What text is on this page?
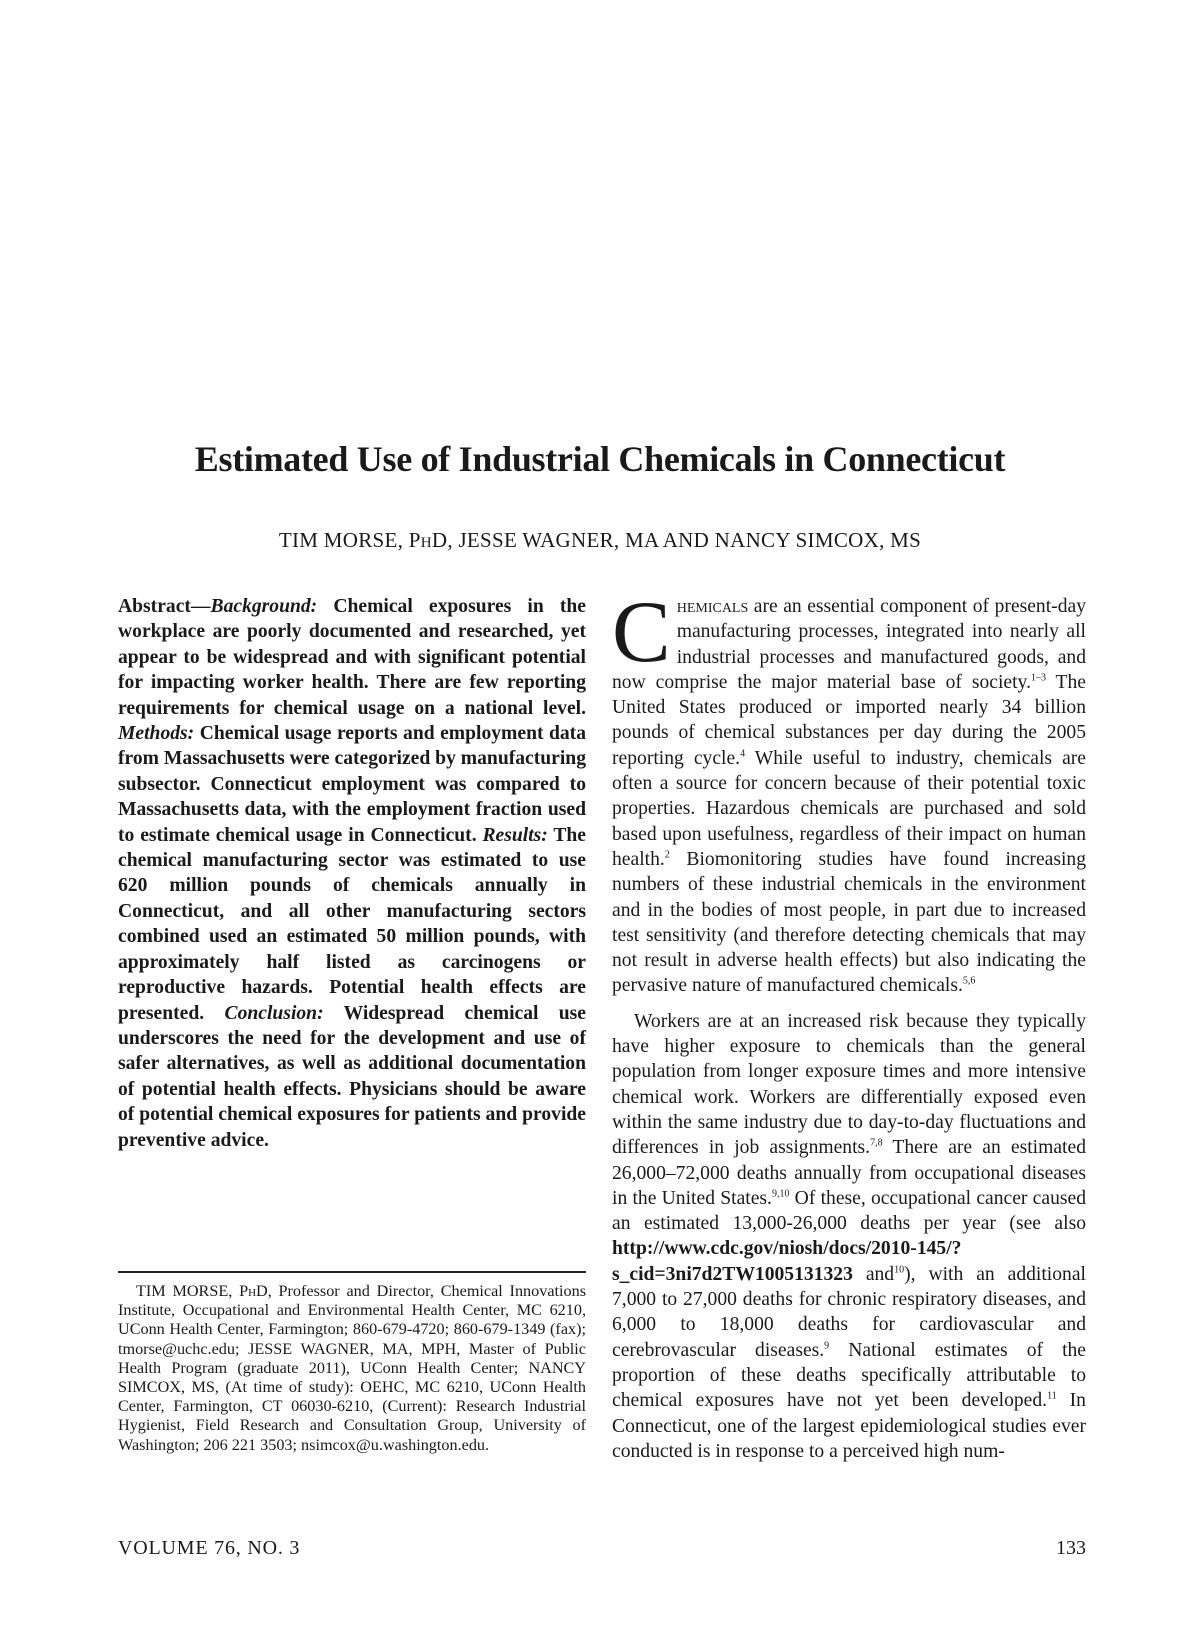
Estimated Use of Industrial Chemicals in Connecticut
TIM MORSE, PhD, JESSE WAGNER, MA AND NANCY SIMCOX, MS

Abstract—Background: Chemical exposures in the workplace are poorly documented and researched, yet appear to be widespread and with significant potential for impacting worker health. There are few reporting requirements for chemical usage on a national level. Methods: Chemical usage reports and employment data from Massachusetts were categorized by manufacturing subsector. Connecticut employment was compared to Massachusetts data, with the employment fraction used to estimate chemical usage in Connecticut. Results: The chemical manufacturing sector was estimated to use 620 million pounds of chemicals annually in Connecticut, and all other manufacturing sectors combined used an estimated 50 million pounds, with approximately half listed as carcinogens or reproductive hazards. Potential health effects are presented. Conclusion: Widespread chemical use underscores the need for the development and use of safer alternatives, as well as additional documentation of potential health effects. Physicians should be aware of potential chemical exposures for patients and provide preventive advice.

TIM MORSE, PhD, Professor and Director, Chemical Innovations Institute, Occupational and Environmental Health Center, MC 6210, UConn Health Center, Farmington; 860-679-4720; 860-679-1349 (fax); tmorse@uchc.edu; JESSE WAGNER, MA, MPH, Master of Public Health Program (graduate 2011), UConn Health Center; NANCY SIMCOX, MS, (At time of study): OEHC, MC 6210, UConn Health Center, Farmington, CT 06030-6210, (Current): Research Industrial Hygienist, Field Research and Consultation Group, University of Washington; 206 221 3503; nsimcox@u.washington.edu.

Chemicals are an essential component of present-day manufacturing processes, integrated into nearly all industrial processes and manufactured goods, and now comprise the major material base of society.$^{1-3}$ The United States produced or imported nearly 34 billion pounds of chemical substances per day during the 2005 reporting cycle.$^4$ While useful to industry, chemicals are often a source for concern because of their potential toxic properties. Hazardous chemicals are purchased and sold based upon usefulness, regardless of their impact on human health.$^2$ Biomonitoring studies have found increasing numbers of these industrial chemicals in the environment and in the bodies of most people, in part due to increased test sensitivity (and therefore detecting chemicals that may not result in adverse health effects) but also indicating the pervasive nature of manufactured chemicals.$^{5,6}$

Workers are at an increased risk because they typically have higher exposure to chemicals than the general population from longer exposure times and more intensive chemical work. Workers are differentially exposed even within the same industry due to day-to-day fluctuations and differences in job assignments.$^{7,8}$ There are an estimated 26,000–72,000 deaths annually from occupational diseases in the United States.$^{9,10}$ Of these, occupational cancer caused an estimated 13,000-26,000 deaths per year (see also http://www.cdc.gov/niosh/docs/2010-145/?s_cid=3ni7d2TW1005131323 and$^{10}$), with an additional 7,000 to 27,000 deaths for chronic respiratory diseases, and 6,000 to 18,000 deaths for cardiovascular and cerebrovascular diseases.$^9$ National estimates of the proportion of these deaths specifically attributable to chemical exposures have not yet been developed.$^{11}$ In Connecticut, one of the largest epidemiological studies ever conducted is in response to a perceived high num-

VOLUME 76, NO. 3	133
